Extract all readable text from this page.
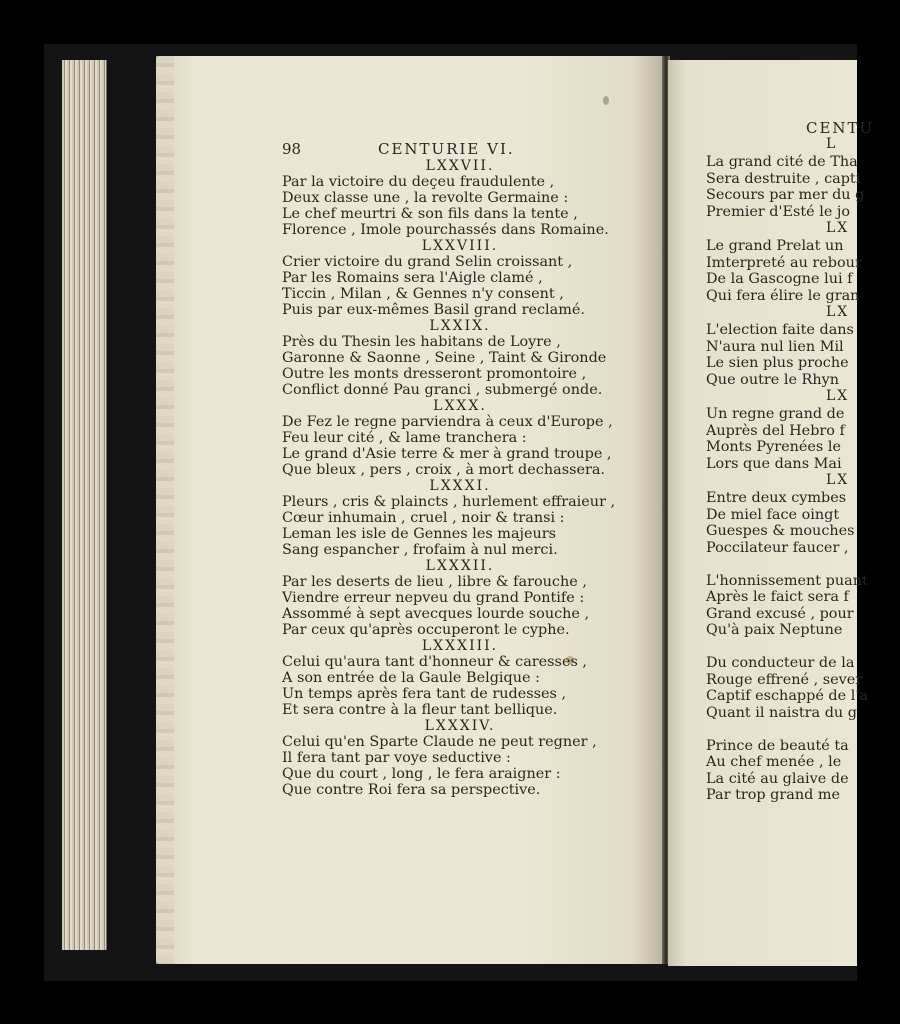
98	CENTURIE VI.
LXXVII.
Par la victoire du deçeu fraudulente ,
Deux classe une , la revolte Germaine :
Le chef meurtri & son fils dans la tente ,
Florence , Imole pourchassés dans Romaine.
LXXVIII.
Crier victoire du grand Selin croissant ,
Par les Romains sera l'Aigle clamé ,
Ticcin , Milan , & Gennes n'y consent ,
Puis par eux-mêmes Basil grand reclamé.
LXXIX.
Près du Thesin les habitans de Loyre ,
Garonne & Saonne , Seine , Taint & Gironde
Outre les monts dresseront promontoire ,
Conflict donné Pau granci , submergé onde.
LXXX.
De Fez le regne parviendra à ceux d'Europe ,
Feu leur cité , & lame tranchera :
Le grand d'Asie terre & mer à grand troupe ,
Que bleux , pers , croix , à mort dechassera.
LXXXI.
Pleurs , cris & plaincts , hurlement effraieur ,
Cœur inhumain , cruel , noir & transi :
Leman les isle de Gennes les majeurs
Sang espancher , frofaim à nul merci.
LXXXII.
Par les deserts de lieu , libre & farouche ,
Viendre erreur nepveu du grand Pontife :
Assommé à sept avecques lourde souche ,
Par ceux qu'après occuperont le cyphe.
LXXXIII.
Celui qu'aura tant d'honneur & caresses ,
A son entrée de la Gaule Belgique :
Un temps après fera tant de rudesses ,
Et sera contre à la fleur tant bellique.
LXXXIV.
Celui qu'en Sparte Claude ne peut regner ,
Il fera tant par voye seductive :
Que du court , long , le fera araigner :
Que contre Roi fera sa perspective.
CENTU
L
La grand cité de Tha
Sera destruite , capti
Secours par mer du g
Premier d'Esté le jo
LX
Le grand Prelat un
Imterpreté au rebour
De la Gascogne lui f
Qui fera élire le gran
LX
L'election faite dans
N'aura nul lien Mil
Le sien plus proche
Que outre le Rhyn
LX
Un regne grand de
Auprès del Hebro f
Monts Pyrenées le
Lors que dans Mai
LX
Entre deux cymbes
De miel face oingt
Guespes & mouches
Poccilateur faucer ,
L'honnissement puant
Après le faict sera f
Grand excusé , pour
Qu'à paix Neptune
Du conducteur de la
Rouge effrené , sever
Captif eschappé de l'a
Quant il naistra du g
Prince de beauté ta
Au chef menée , le
La cité au glaive de
Par trop grand me
